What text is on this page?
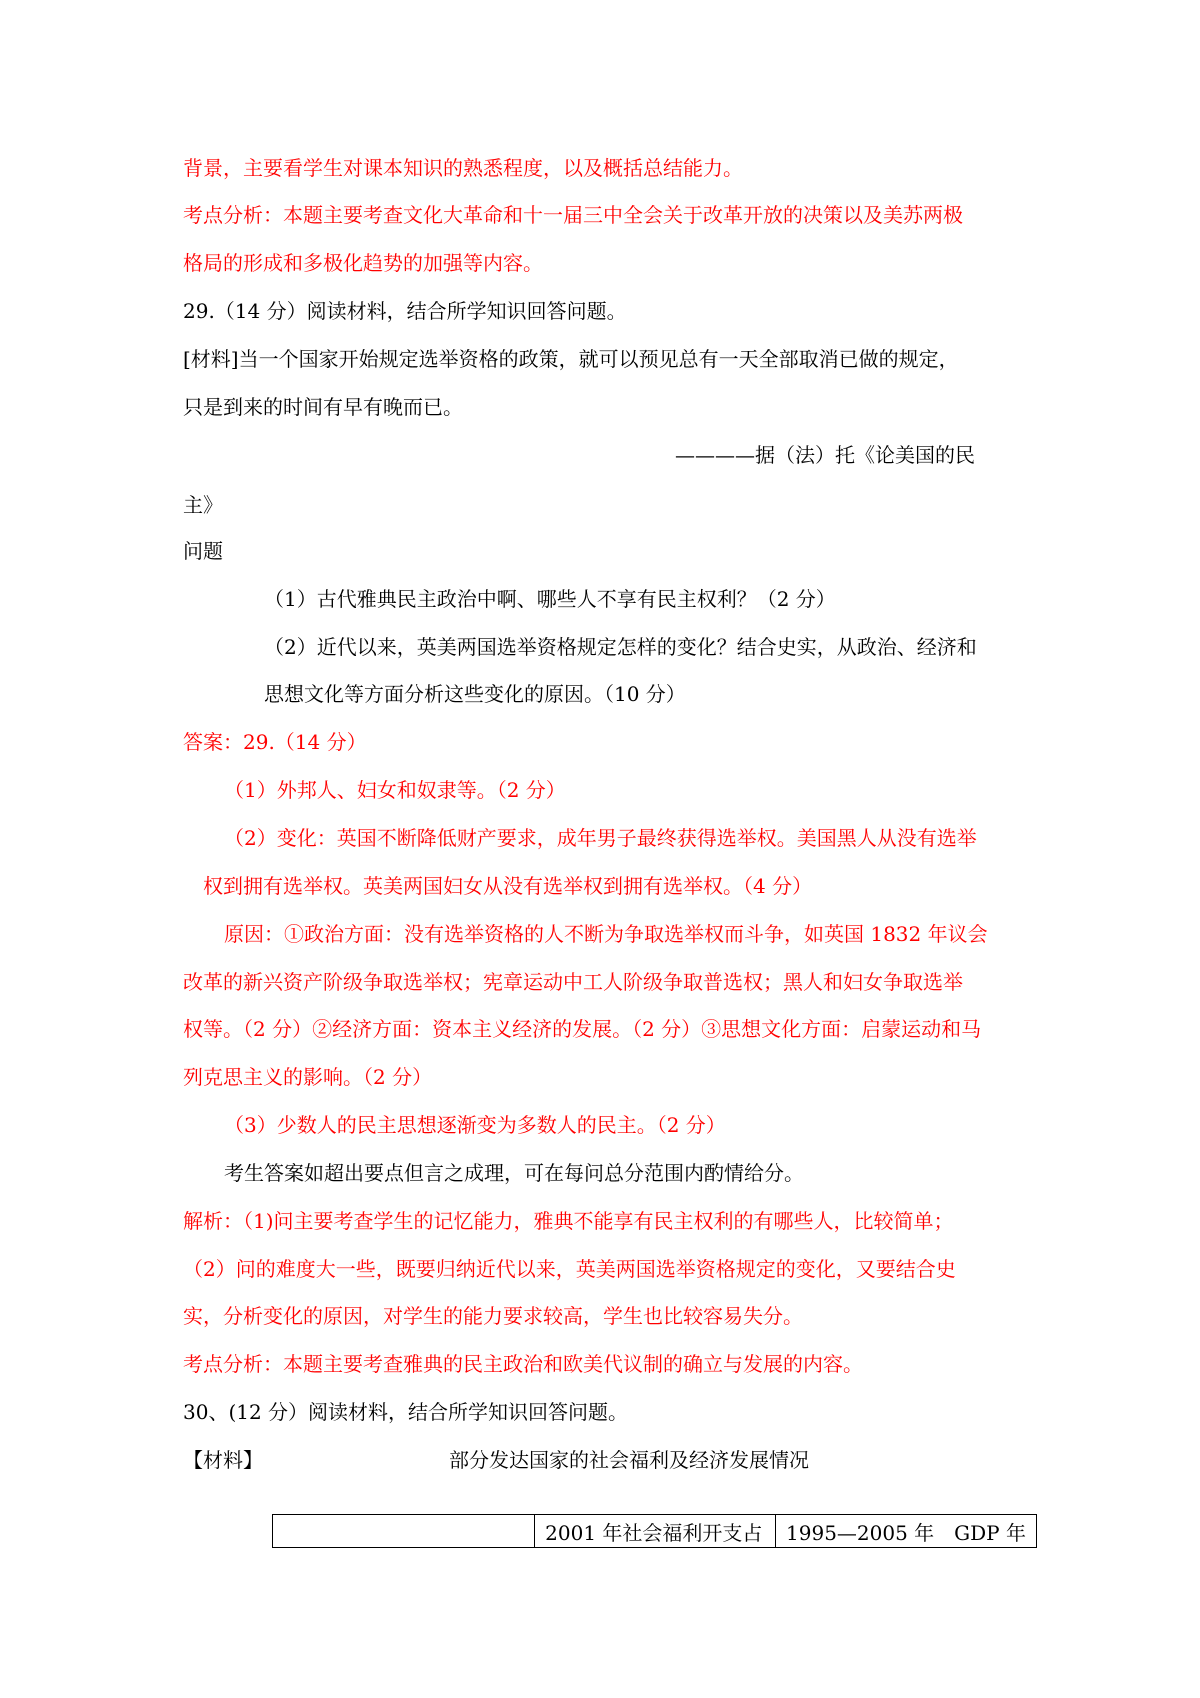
背景，主要看学生对课本知识的熟悉程度，以及概括总结能力。
考点分析：本题主要考查文化大革命和十一届三中全会关于改革开放的决策以及美苏两极
格局的形成和多极化趋势的加强等内容。
29.（14 分）阅读材料，结合所学知识回答问题。
[材料]当一个国家开始规定选举资格的政策，就可以预见总有一天全部取消已做的规定，
只是到来的时间有早有晚而已。
————据（法）托《论美国的民
主》
问题
（1）古代雅典民主政治中啊、哪些人不享有民主权利？（2 分）
（2）近代以来，英美两国选举资格规定怎样的变化？结合史实，从政治、经济和
思想文化等方面分析这些变化的原因。（10 分）
答案：29.（14 分）
（1）外邦人、妇女和奴隶等。（2 分）
（2）变化：英国不断降低财产要求，成年男子最终获得选举权。美国黑人从没有选举
权到拥有选举权。英美两国妇女从没有选举权到拥有选举权。（4 分）
原因：①政治方面：没有选举资格的人不断为争取选举权而斗争，如英国 1832 年议会
改革的新兴资产阶级争取选举权；宪章运动中工人阶级争取普选权；黑人和妇女争取选举
权等。（2 分）②经济方面：资本主义经济的发展。（2 分）③思想文化方面：启蒙运动和马
列克思主义的影响。（2 分）
（3）少数人的民主思想逐渐变为多数人的民主。（2 分）
考生答案如超出要点但言之成理，可在每问总分范围内酌情给分。
解析：（1)问主要考查学生的记忆能力，雅典不能享有民主权利的有哪些人，比较简单；
（2）问的难度大一些，既要归纳近代以来，英美两国选举资格规定的变化，又要结合史
实，分析变化的原因，对学生的能力要求较高，学生也比较容易失分。
考点分析：本题主要考查雅典的民主政治和欧美代议制的确立与发展的内容。
30、(12 分）阅读材料，结合所学知识回答问题。
【材料】	部分发达国家的社会福利及经济发展情况
	2001 年社会福利开支占	1995—2005 年　GDP 年
